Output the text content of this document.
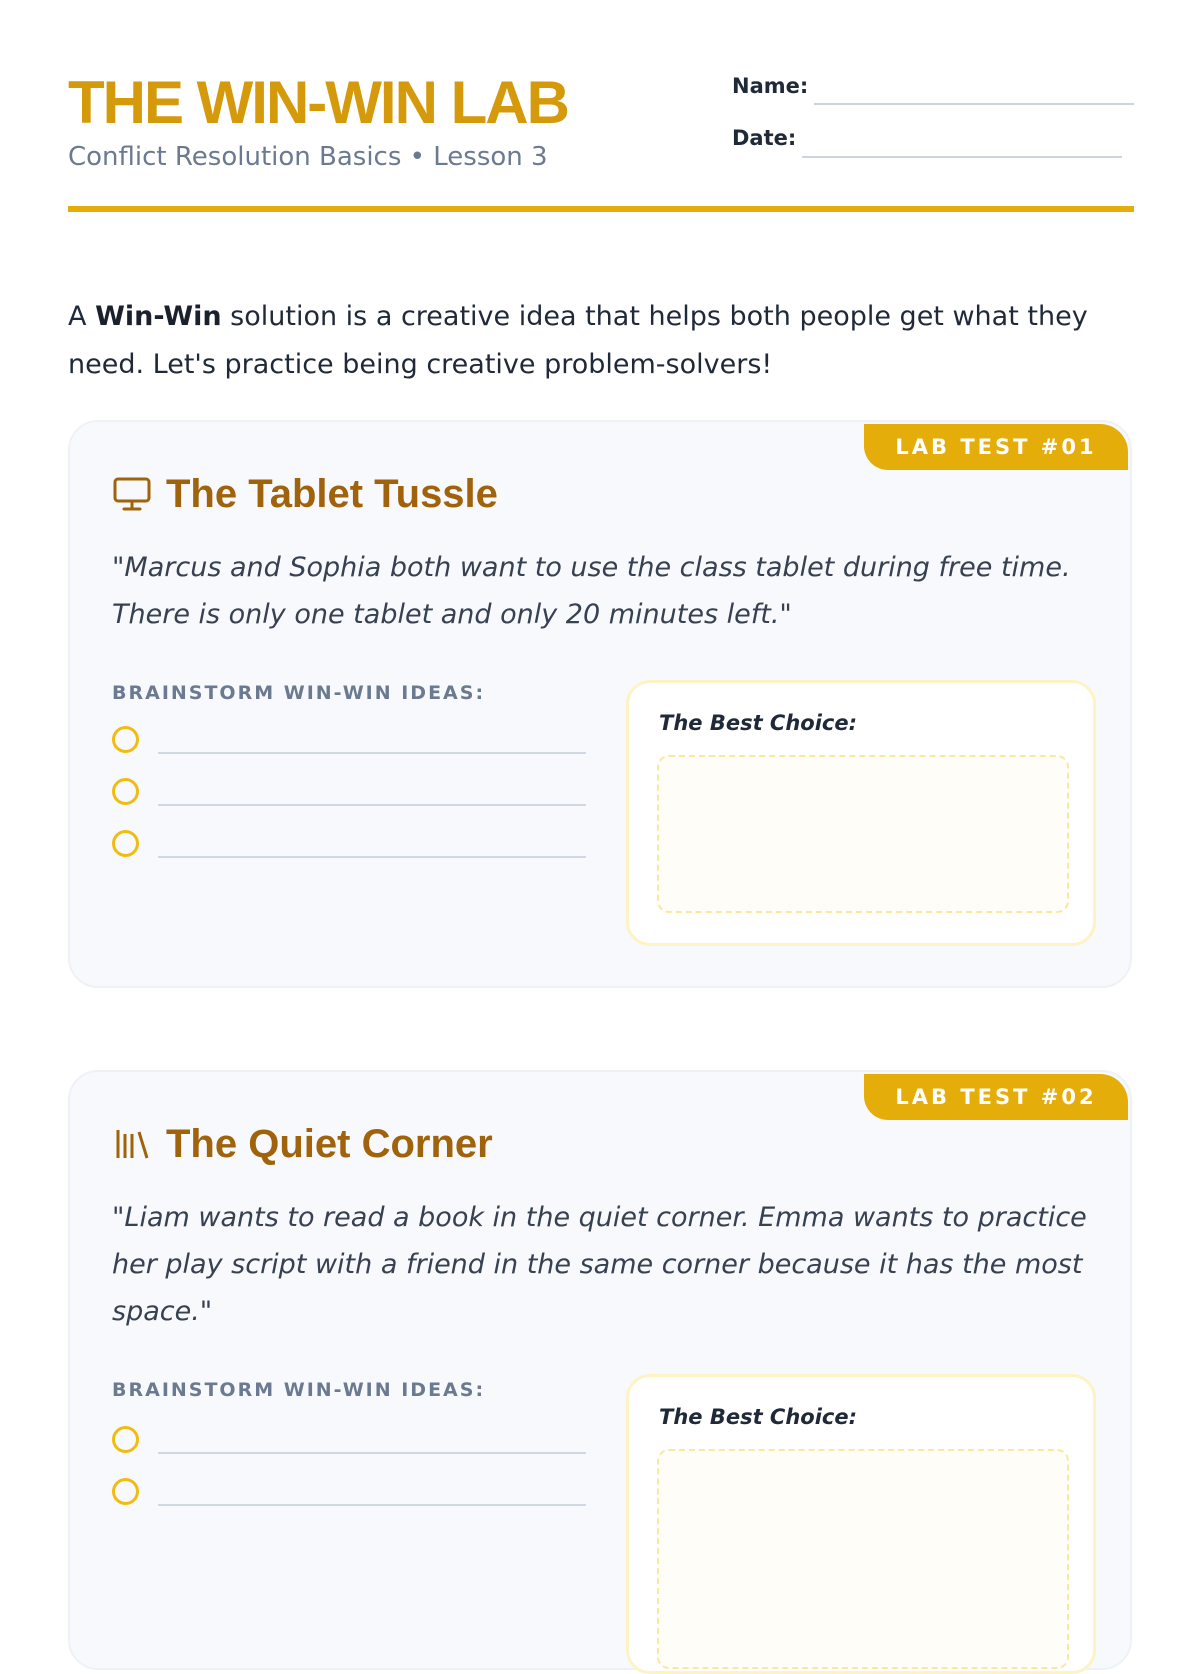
THE WIN-WIN LAB
Conflict Resolution Basics • Lesson 3
Name:
Date:

A Win-Win solution is a creative idea that helps both people get what they need. Let's practice being creative problem-solvers!

LAB TEST #01
The Tablet Tussle
"Marcus and Sophia both want to use the class tablet during free time. There is only one tablet and only 20 minutes left."
BRAINSTORM WIN-WIN IDEAS:
The Best Choice:
LAB TEST #02
The Quiet Corner
"Liam wants to read a book in the quiet corner. Emma wants to practice her play script with a friend in the same corner because it has the most space."
BRAINSTORM WIN-WIN IDEAS:
The Best Choice:
